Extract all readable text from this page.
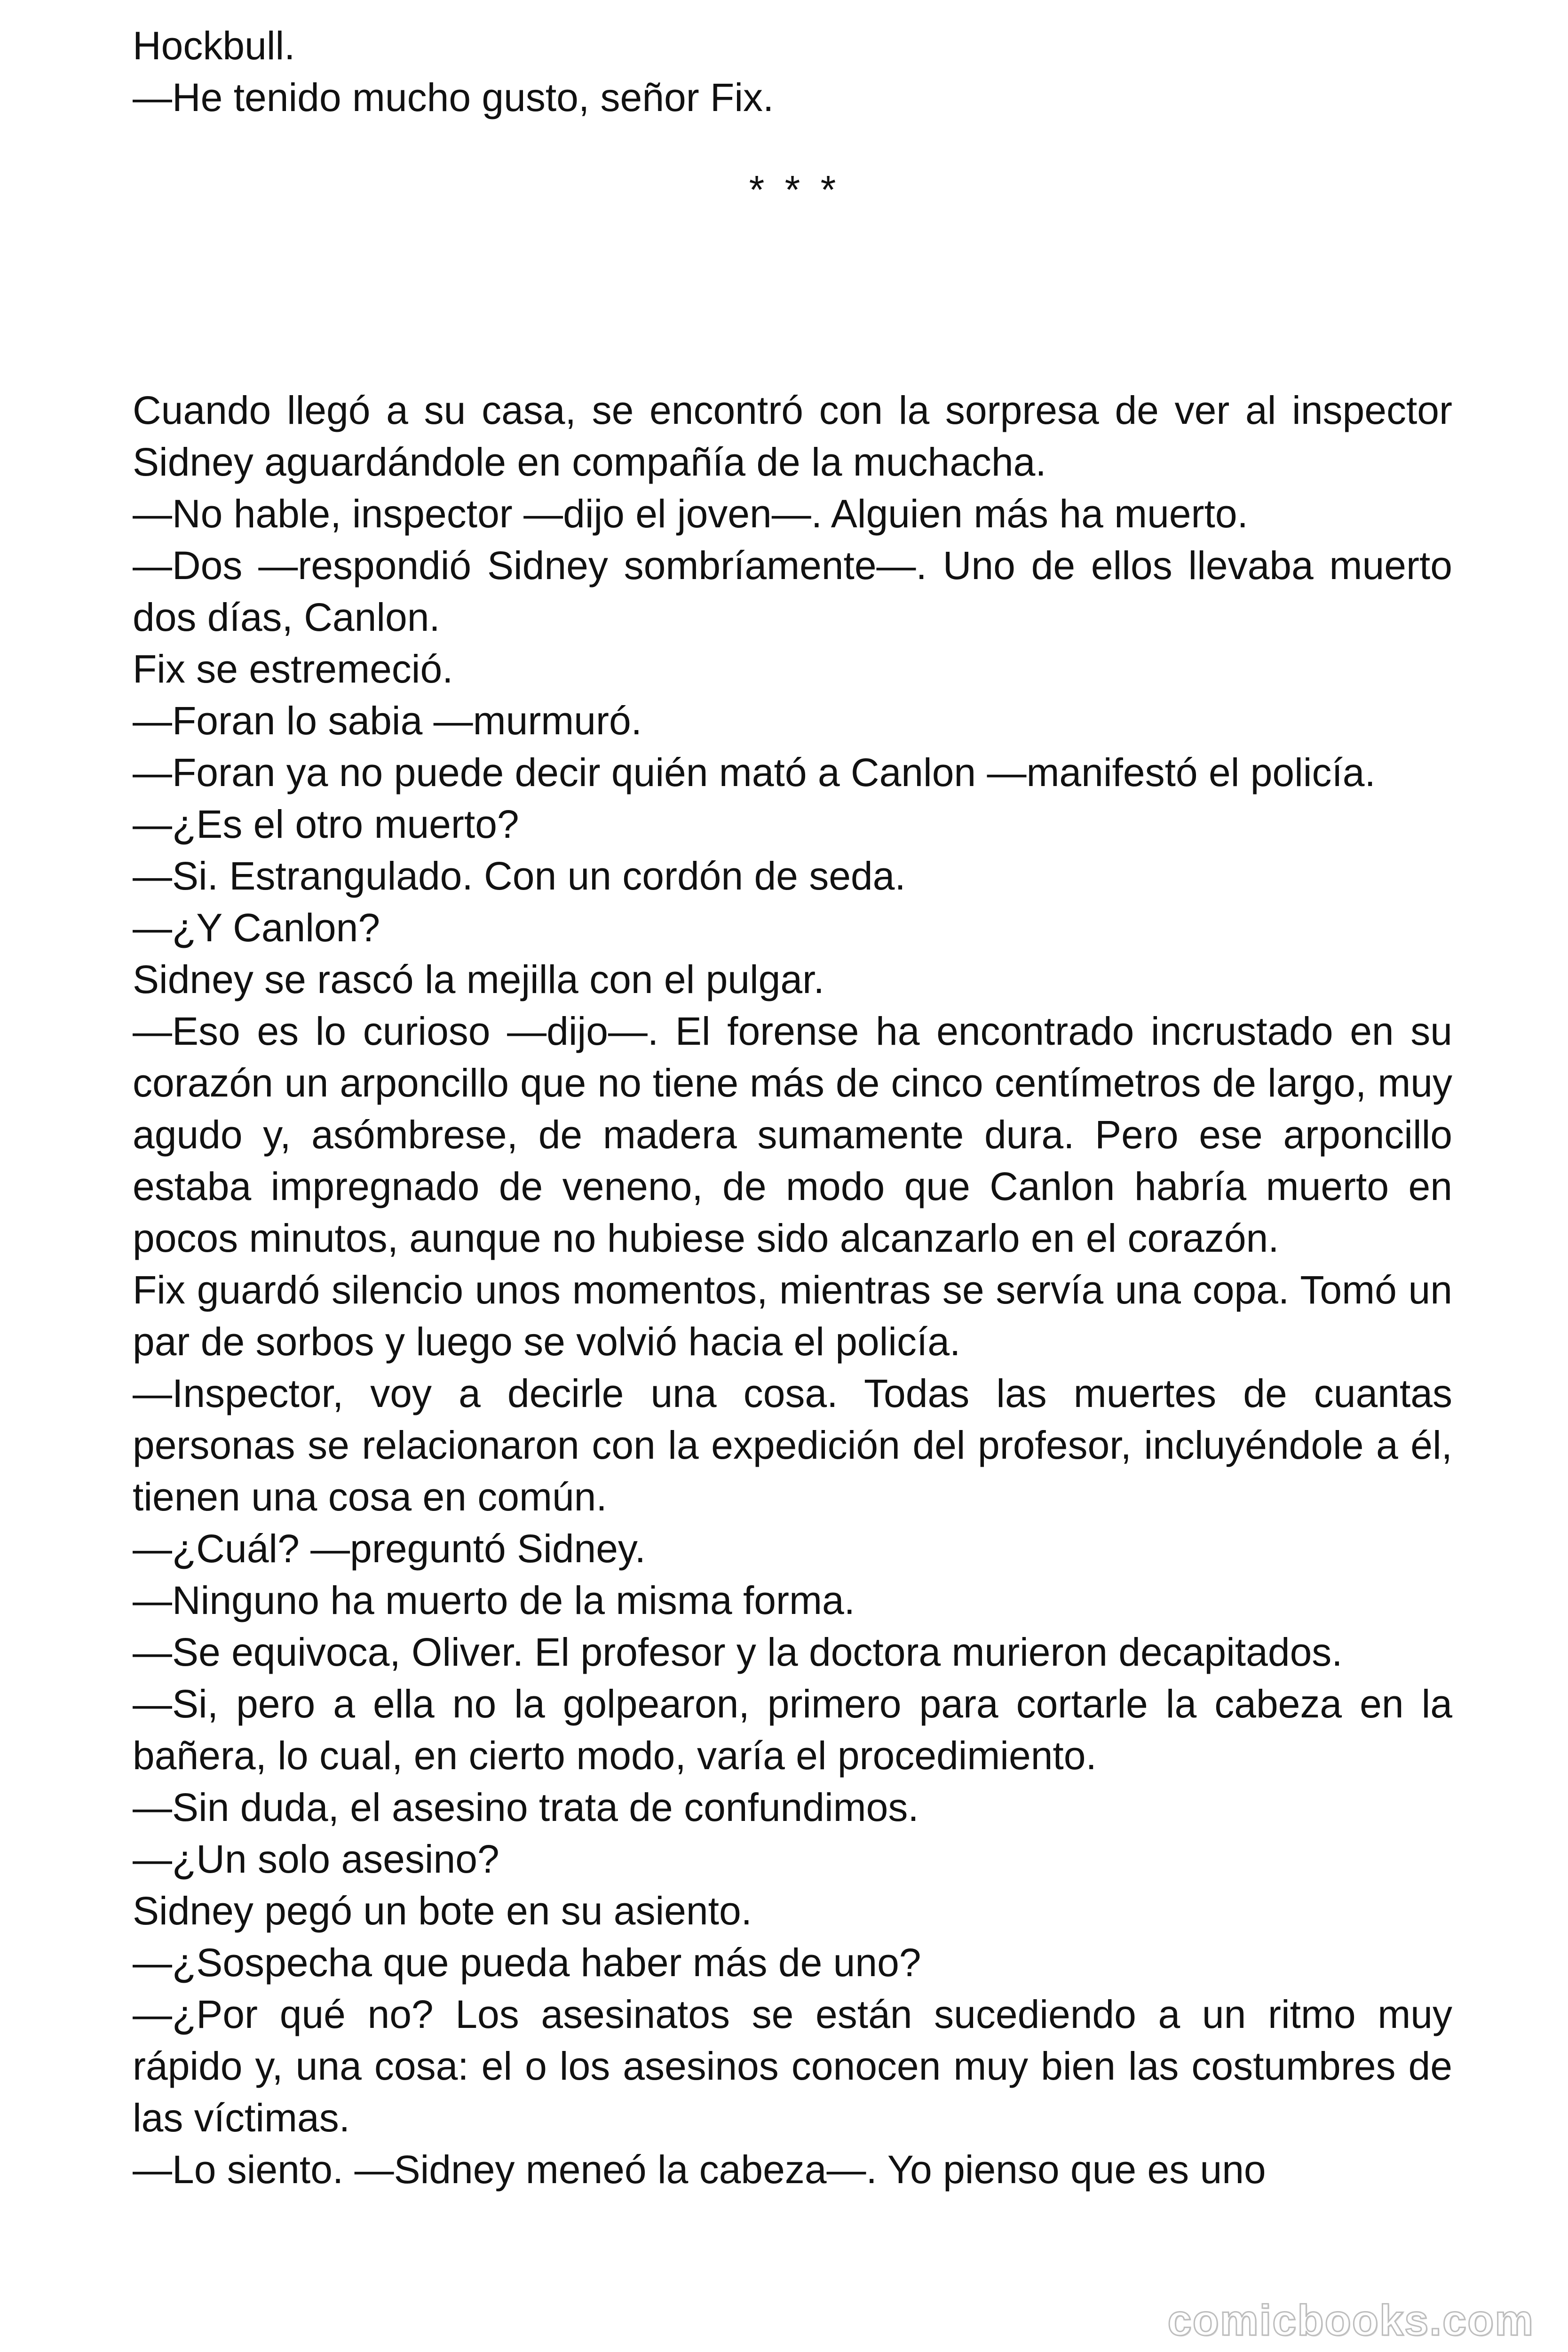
Hockbull.

—He tenido mucho gusto, señor Fix.

* * *

Cuando llegó a su casa, se encontró con la sorpresa de ver al inspector Sidney aguardándole en compañía de la muchacha.

—No hable, inspector —dijo el joven—. Alguien más ha muerto.

—Dos —respondió Sidney sombríamente—. Uno de ellos llevaba muerto dos días, Canlon.

Fix se estremeció.

—Foran lo sabia —murmuró.

—Foran ya no puede decir quién mató a Canlon —manifestó el policía.

—¿Es el otro muerto?

—Si. Estrangulado. Con un cordón de seda.

—¿Y Canlon?

Sidney se rascó la mejilla con el pulgar.

—Eso es lo curioso —dijo—. El forense ha encontrado incrustado en su corazón un arponcillo que no tiene más de cinco centímetros de largo, muy agudo y, asómbrese, de madera sumamente dura. Pero ese arponcillo estaba impregnado de veneno, de modo que Canlon habría muerto en pocos minutos, aunque no hubiese sido alcanzarlo en el corazón.

Fix guardó silencio unos momentos, mientras se servía una copa. Tomó un par de sorbos y luego se volvió hacia el policía.

—Inspector, voy a decirle una cosa. Todas las muertes de cuantas personas se relacionaron con la expedición del profesor, incluyéndole a él, tienen una cosa en común.

—¿Cuál? —preguntó Sidney.

—Ninguno ha muerto de la misma forma.

—Se equivoca, Oliver. El profesor y la doctora murieron decapitados.

—Si, pero a ella no la golpearon, primero para cortarle la cabeza en la bañera, lo cual, en cierto modo, varía el procedimiento.

—Sin duda, el asesino trata de confundimos.

—¿Un solo asesino?

Sidney pegó un bote en su asiento.

—¿Sospecha que pueda haber más de uno?

—¿Por qué no? Los asesinatos se están sucediendo a un ritmo muy rápido y, una cosa: el o los asesinos conocen muy bien las costumbres de las víctimas.

—Lo siento. —Sidney meneó la cabeza—. Yo pienso que es uno

comicbooks.com
